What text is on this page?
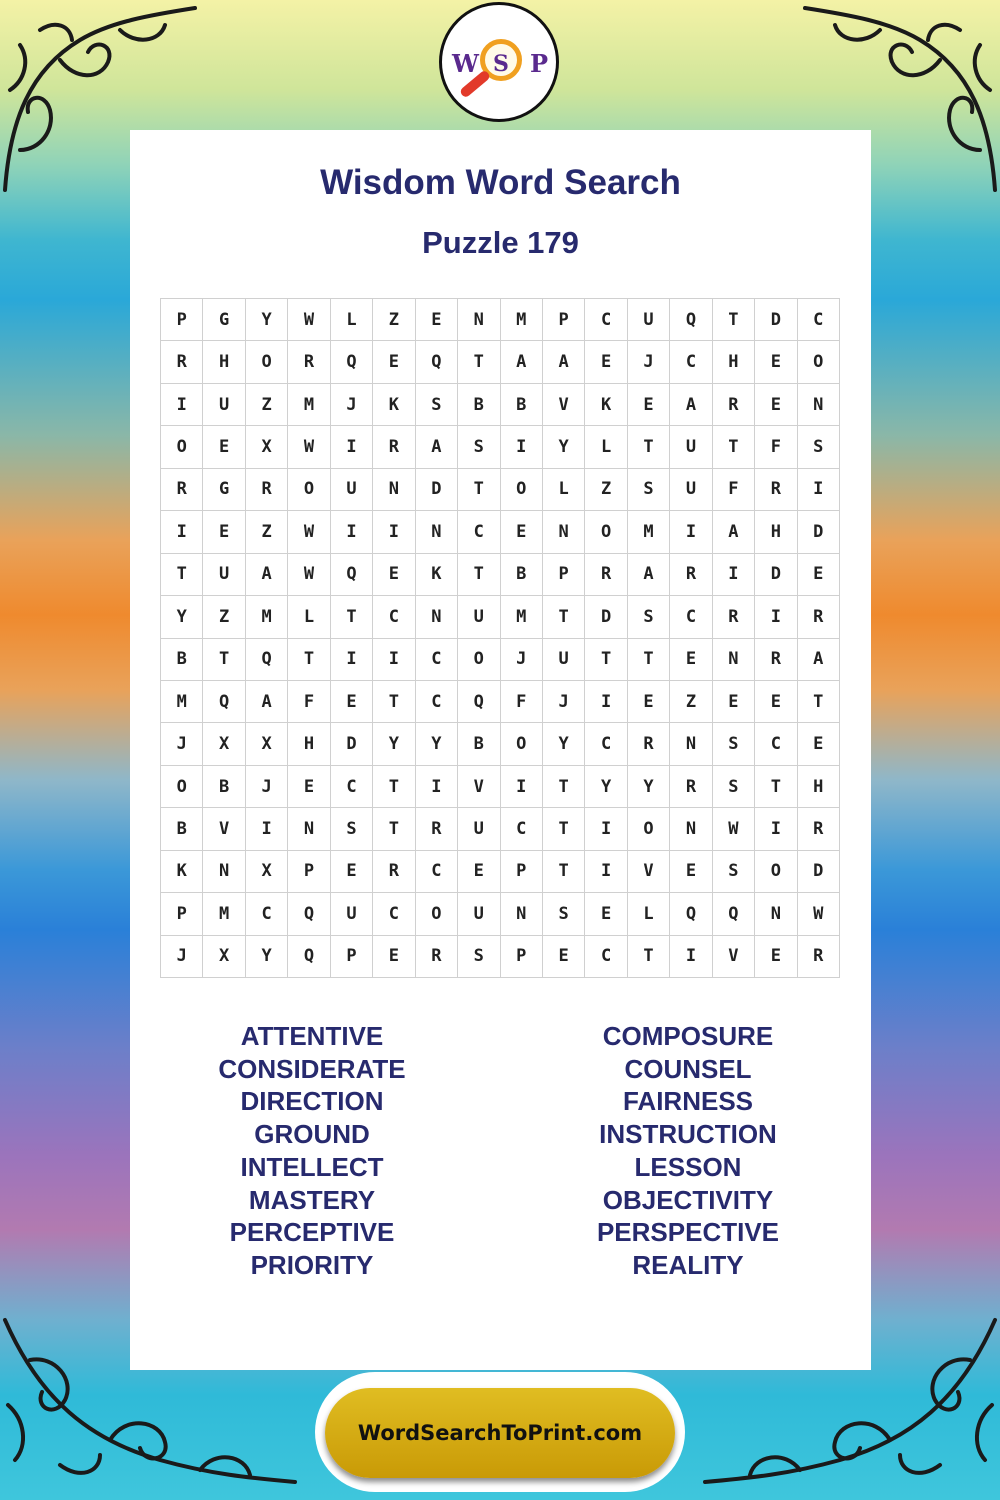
W S P
Wisdom Word Search
Puzzle 179
P	G	Y	W	L	Z	E	N	M	P	C	U	Q	T	D	C
R	H	O	R	Q	E	Q	T	A	A	E	J	C	H	E	O
I	U	Z	M	J	K	S	B	B	V	K	E	A	R	E	N
O	E	X	W	I	R	A	S	I	Y	L	T	U	T	F	S
R	G	R	O	U	N	D	T	O	L	Z	S	U	F	R	I
I	E	Z	W	I	I	N	C	E	N	O	M	I	A	H	D
T	U	A	W	Q	E	K	T	B	P	R	A	R	I	D	E
Y	Z	M	L	T	C	N	U	M	T	D	S	C	R	I	R
B	T	Q	T	I	I	C	O	J	U	T	T	E	N	R	A
M	Q	A	F	E	T	C	Q	F	J	I	E	Z	E	E	T
J	X	X	H	D	Y	Y	B	O	Y	C	R	N	S	C	E
O	B	J	E	C	T	I	V	I	T	Y	Y	R	S	T	H
B	V	I	N	S	T	R	U	C	T	I	O	N	W	I	R
K	N	X	P	E	R	C	E	P	T	I	V	E	S	O	D
P	M	C	Q	U	C	O	U	N	S	E	L	Q	Q	N	W
J	X	Y	Q	P	E	R	S	P	E	C	T	I	V	E	R
ATTENTIVE
CONSIDERATE
DIRECTION
GROUND
INTELLECT
MASTERY
PERCEPTIVE
PRIORITY
COMPOSURE
COUNSEL
FAIRNESS
INSTRUCTION
LESSON
OBJECTIVITY
PERSPECTIVE
REALITY
WordSearchToPrint.com
